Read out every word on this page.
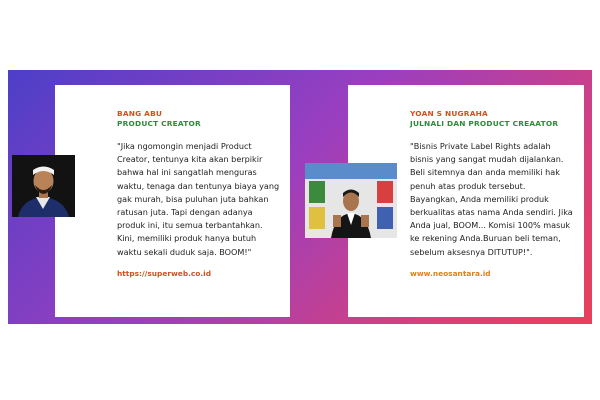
BANG ABU
PRODUCT CREATOR
"Jika ngomongin menjadi Product Creator, tentunya kita akan berpikir bahwa hal ini sangatlah menguras waktu, tenaga dan tentunya biaya yang gak murah, bisa puluhan juta bahkan ratusan juta. Tapi dengan adanya produk ini, itu semua terbantahkan. Kini, memiliki produk hanya butuh waktu sekali duduk saja. BOOM!"
https://superweb.co.id
YOAN S NUGRAHA
JULNALI DAN PRODUCT CREAATOR
"Bisnis Private Label Rights adalah bisnis yang sangat mudah dijalankan. Beli sitemnya dan anda memiliki hak penuh atas produk tersebut. Bayangkan, Anda memiliki produk berkualitas atas nama Anda sendiri. Jika Anda jual, BOOM... Komisi 100% masuk ke rekening Anda.Buruan beli teman, sebelum aksesnya DITUTUP!".
www.neosantara.id
